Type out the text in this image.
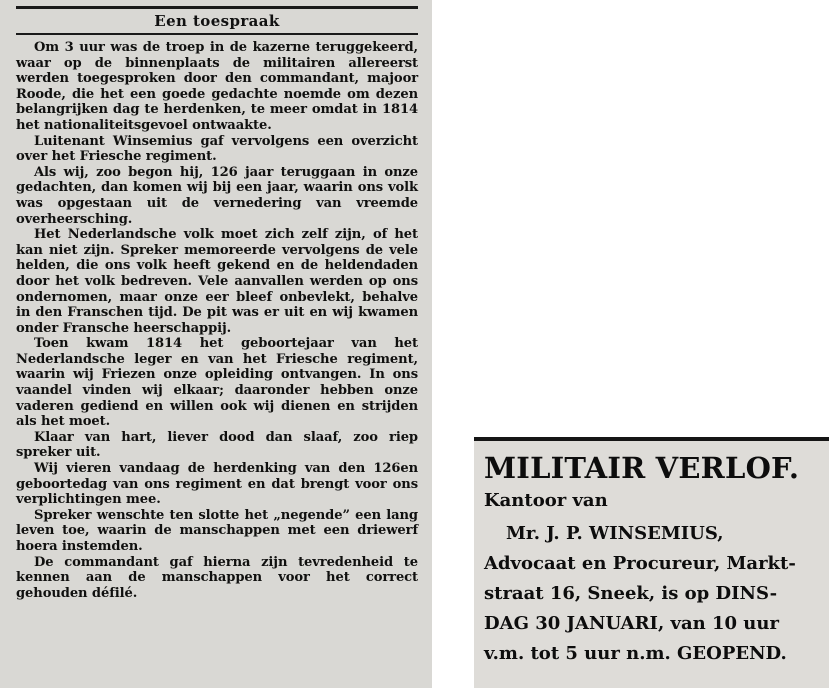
Een toespraak

Om 3 uur was de troep in de kazerne teruggekeerd, waar op de binnenplaats de militairen allereerst werden toegesproken door den commandant, majoor Roode, die het een goede gedachte noemde om dezen belangrijken dag te herdenken, te meer omdat in 1814 het nationaliteitsgevoel ontwaakte.

Luitenant Winsemius gaf vervolgens een overzicht over het Friesche regiment.

Als wij, zoo begon hij, 126 jaar teruggaan in onze gedachten, dan komen wij bij een jaar, waarin ons volk was opgestaan uit de vernedering van vreemde overheersching.

Het Nederlandsche volk moet zich zelf zijn, of het kan niet zijn. Spreker memoreerde vervolgens de vele helden, die ons volk heeft gekend en de heldendaden door het volk bedreven. Vele aanvallen werden op ons ondernomen, maar onze eer bleef onbevlekt, behalve in den Franschen tijd. De pit was er uit en wij kwamen onder Fransche heerschappij.

Toen kwam 1814 het geboortejaar van het Nederlandsche leger en van het Friesche regiment, waarin wij Friezen onze opleiding ontvangen. In ons vaandel vinden wij elkaar; daaronder hebben onze vaderen gediend en willen ook wij dienen en strijden als het moet.

Klaar van hart, liever dood dan slaaf, zoo riep spreker uit.

Wij vieren vandaag de herdenking van den 126en geboortedag van ons regiment en dat brengt voor ons verplichtingen mee.

Spreker wenschte ten slotte het „negende” een lang leven toe, waarin de manschappen met een driewerf hoera instemden.

De commandant gaf hierna zijn tevredenheid te kennen aan de manschappen voor het correct gehouden défilé.

MILITAIR VERLOF.
Kantoor van

Mr. J. P. WINSEMIUS,

Advocaat en Procureur, Markt-

straat 16, Sneek, is op DINS-

DAG 30 JANUARI, van 10 uur

v.m. tot 5 uur n.m. GEOPEND.
